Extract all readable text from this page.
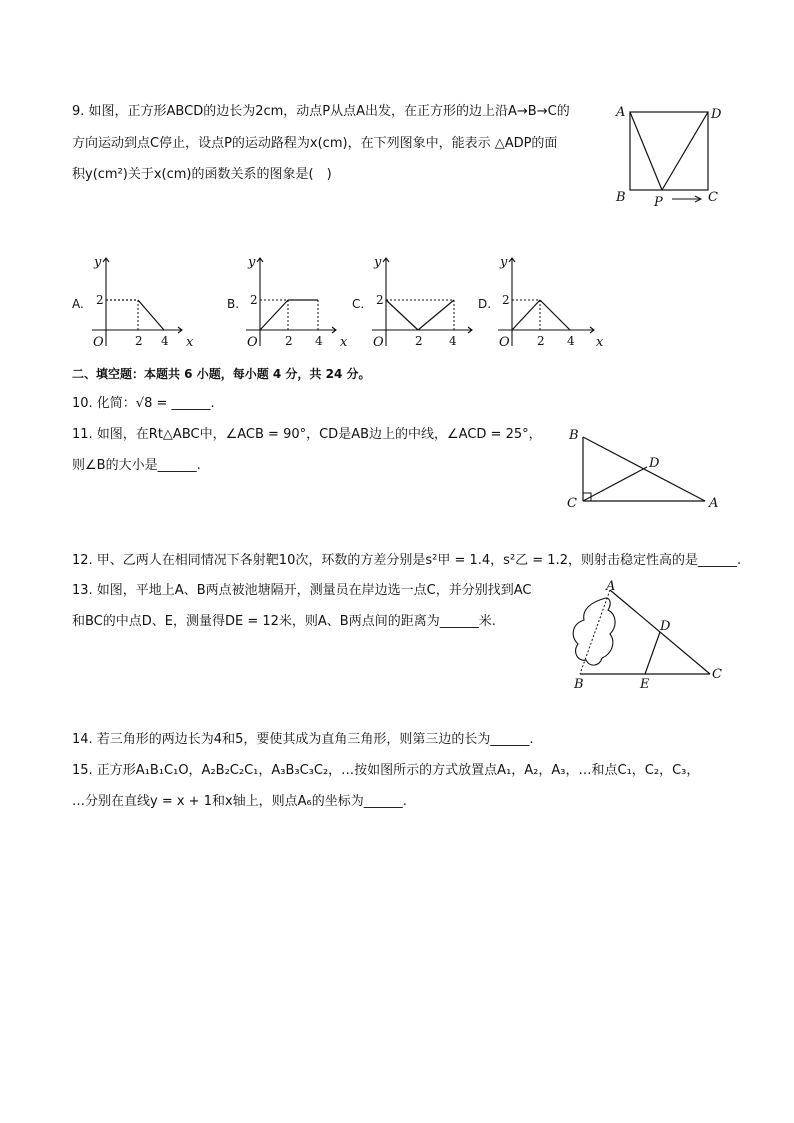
9. 如图，正方形ABCD的边长为2cm，动点P从点A出发，在正方形的边上沿A→B→C的
方向运动到点C停止，设点P的运动路程为x(cm)，在下列图象中，能表示 △ADP的面
积y(cm²)关于x(cm)的函数关系的图象是(　)
A	D
B P	C
A.
y
2
O	2 4 x
B.
y
2
O 2 4 x
C.
y
2
O	2 4
D.
y
2
O 2 4 x
二、填空题：本题共 6 小题，每小题 4 分，共 24 分。
10. 化简：√8 = ______.
11. 如图，在Rt△ABC中，∠ACB = 90°，CD是AB边上的中线，∠ACD = 25°，
则∠B的大小是______.
B
D
C	A
12. 甲、乙两人在相同情况下各射靶10次，环数的方差分别是s²甲 = 1.4，s²乙 = 1.2，则射击稳定性高的是______.
13. 如图，平地上A、B两点被池塘隔开，测量员在岸边选一点C，并分别找到AC
和BC的中点D、E，测量得DE = 12米，则A、B两点间的距离为______米.
A
D
B	E
C
14. 若三角形的两边长为4和5，要使其成为直角三角形，则第三边的长为______.
15. 正方形A₁B₁C₁O，A₂B₂C₂C₁，A₃B₃C₃C₂，…按如图所示的方式放置点A₁，A₂，A₃，…和点C₁，C₂，C₃，
…分别在直线y = x + 1和x轴上，则点A₆的坐标为______.
